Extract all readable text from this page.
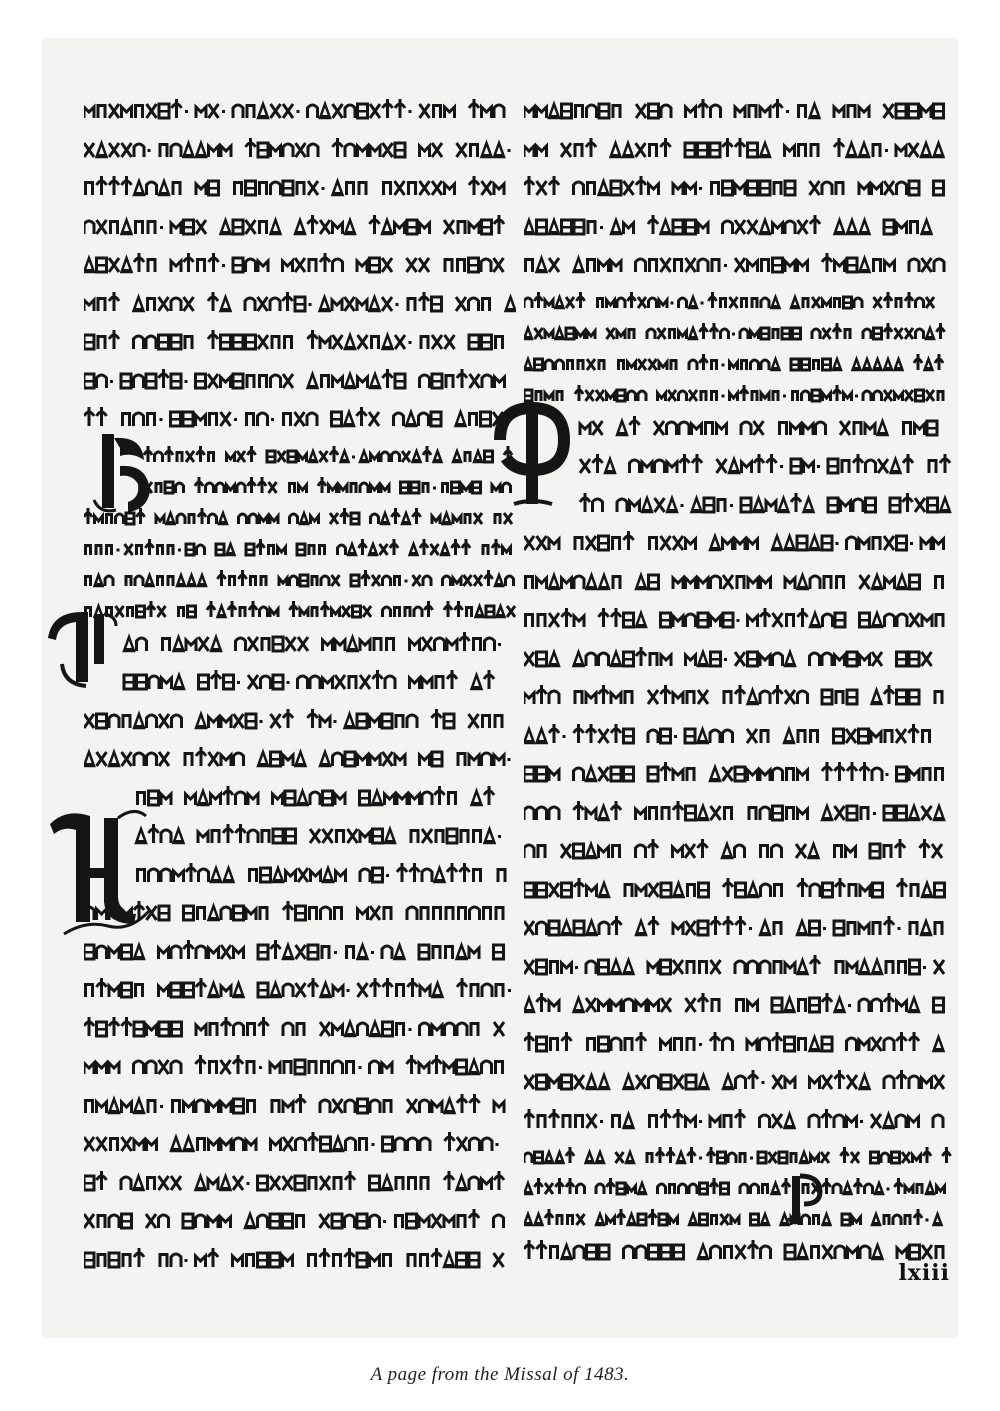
lxiii
A page from the Missal of 1483.
